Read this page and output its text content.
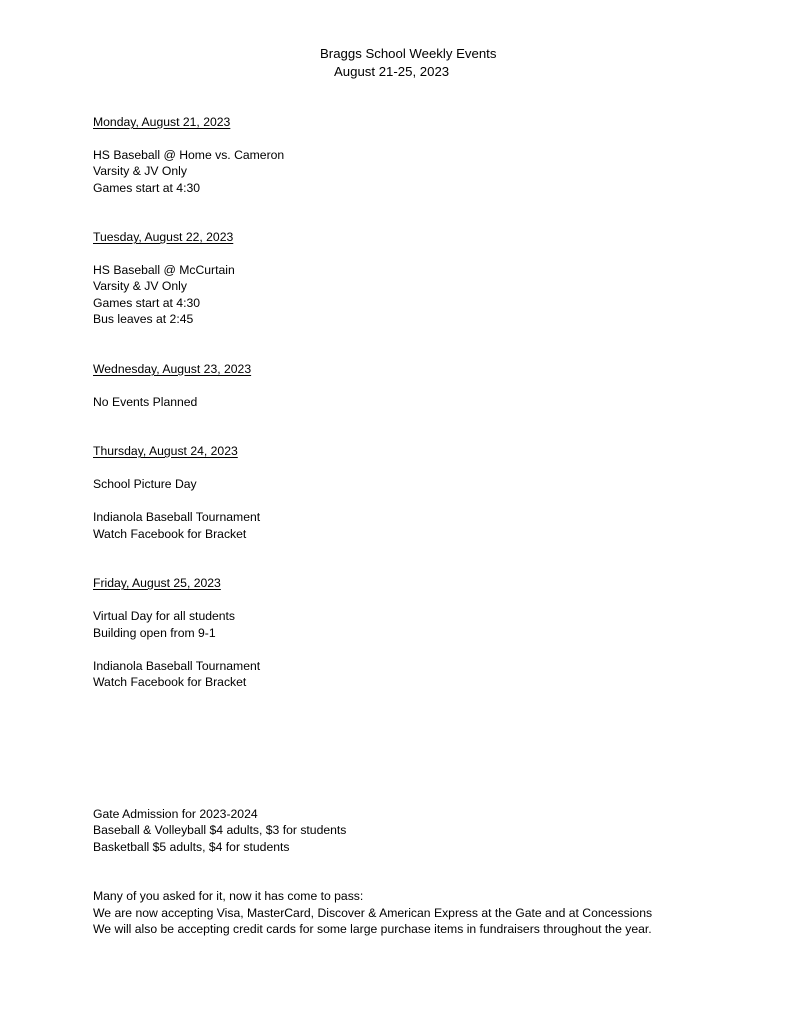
Braggs School Weekly Events
August 21-25, 2023
Monday, August 21, 2023
HS Baseball @ Home vs. Cameron
Varsity & JV Only
Games start at 4:30
Tuesday, August 22, 2023
HS Baseball @ McCurtain
Varsity & JV Only
Games start at 4:30
Bus leaves at 2:45
Wednesday, August 23, 2023
No Events Planned
Thursday, August 24, 2023
School Picture Day
Indianola Baseball Tournament
Watch Facebook for Bracket
Friday, August 25, 2023
Virtual Day for all students
Building open from 9-1
Indianola Baseball Tournament
Watch Facebook for Bracket
Gate Admission for 2023-2024
Baseball & Volleyball $4 adults, $3 for students
Basketball $5 adults, $4 for students
Many of you asked for it, now it has come to pass:
We are now accepting Visa, MasterCard, Discover & American Express at the Gate and at Concessions
We will also be accepting credit cards for some large purchase items in fundraisers throughout the year.
